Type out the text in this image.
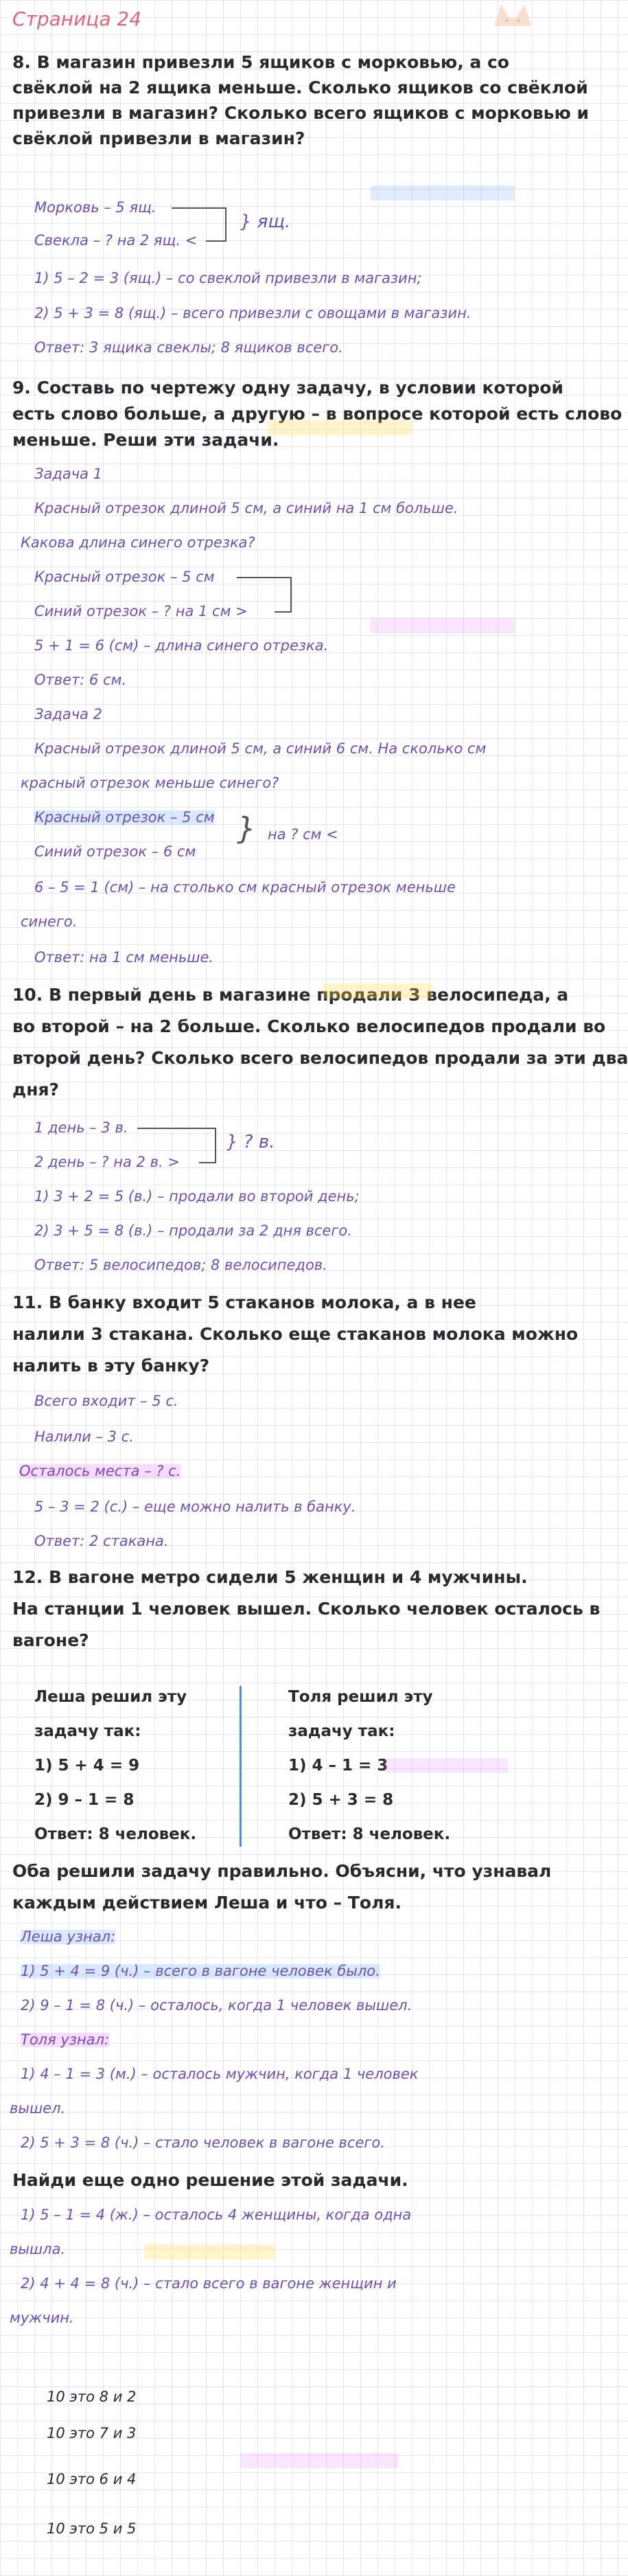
Страница 24
8. В магазин привезли 5 ящиков с морковью, а со
свёклой на 2 ящика меньше. Сколько ящиков со свёклой
привезли в магазин? Сколько всего ящиков с морковью и
свёклой привезли в магазин?
Морковь – 5 ящ.
Свекла – ? на 2 ящ. <
} ящ.
1) 5 – 2 = 3 (ящ.) – со свеклой привезли в магазин;
2) 5 + 3 = 8 (ящ.) – всего привезли с овощами в магазин.
Ответ: 3 ящика свеклы; 8 ящиков всего.
9. Составь по чертежу одну задачу, в условии которой
есть слово больше, а другую – в вопросе которой есть слово
меньше. Реши эти задачи.
Задача 1
Красный отрезок длиной 5 см, а синий на 1 см больше.
Какова длина синего отрезка?
Красный отрезок – 5 см
Синий отрезок – ? на 1 см >
5 + 1 = 6 (см) – длина синего отрезка.
Ответ: 6 см.
Задача 2
Красный отрезок длиной 5 см, а синий 6 см. На сколько см
красный отрезок меньше синего?
Красный отрезок – 5 см
Синий отрезок – 6 см
} на ? см <
6 – 5 = 1 (см) – на столько см красный отрезок меньше
синего.
Ответ: на 1 см меньше.
10. В первый день в магазине продали 3 велосипеда, а
во второй – на 2 больше. Сколько велосипедов продали во
второй день? Сколько всего велосипедов продали за эти два
дня?
1 день – 3 в.
2 день – ? на 2 в. >
} ? в.
1) 3 + 2 = 5 (в.) – продали во второй день;
2) 3 + 5 = 8 (в.) – продали за 2 дня всего.
Ответ: 5 велосипедов; 8 велосипедов.
11. В банку входит 5 стаканов молока, а в нее
налили 3 стакана. Сколько еще стаканов молока можно
налить в эту банку?
Всего входит – 5 с.
Налили – 3 с.
Осталось места – ? с.
5 – 3 = 2 (с.) – еще можно налить в банку.
Ответ: 2 стакана.
12. В вагоне метро сидели 5 женщин и 4 мужчины.
На станции 1 человек вышел. Сколько человек осталось в
вагоне?
Леша решил эту
задачу так:
1) 5 + 4 = 9
2) 9 – 1 = 8
Ответ: 8 человек.
Толя решил эту
задачу так:
1) 4 – 1 = 3
2) 5 + 3 = 8
Ответ: 8 человек.
Оба решили задачу правильно. Объясни, что узнавал
каждым действием Леша и что – Толя.
Леша узнал:
1) 5 + 4 = 9 (ч.) – всего в вагоне человек было.
2) 9 – 1 = 8 (ч.) – осталось, когда 1 человек вышел.
Толя узнал:
1) 4 – 1 = 3 (м.) – осталось мужчин, когда 1 человек
вышел.
2) 5 + 3 = 8 (ч.) – стало человек в вагоне всего.
Найди еще одно решение этой задачи.
1) 5 – 1 = 4 (ж.) – осталось 4 женщины, когда одна
вышла.
2) 4 + 4 = 8 (ч.) – стало всего в вагоне женщин и
мужчин.
10 это 8 и 2
10 это 7 и 3
10 это 6 и 4
10 это 5 и 5
